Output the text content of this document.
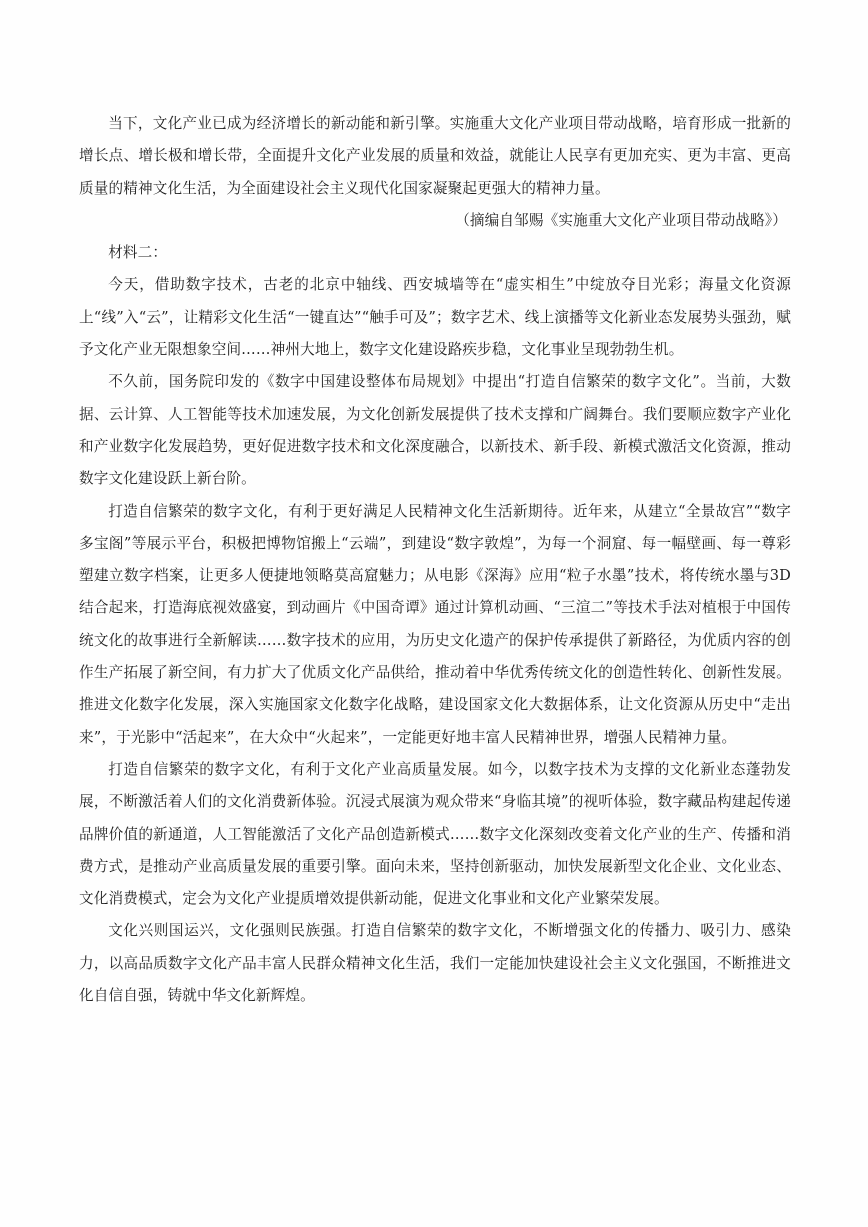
当下，文化产业已成为经济增长的新动能和新引擎。实施重大文化产业项目带动战略，培育形成一批新的增长点、增长极和增长带，全面提升文化产业发展的质量和效益，就能让人民享有更加充实、更为丰富、更高质量的精神文化生活，为全面建设社会主义现代化国家凝聚起更强大的精神力量。

（摘编自邹赐《实施重大文化产业项目带动战略》）

材料二：

今天，借助数字技术，古老的北京中轴线、西安城墙等在“虚实相生”中绽放夺目光彩；海量文化资源上“线”入“云”，让精彩文化生活“一键直达”“触手可及”；数字艺术、线上演播等文化新业态发展势头强劲，赋予文化产业无限想象空间……神州大地上，数字文化建设路疾步稳，文化事业呈现勃勃生机。

不久前，国务院印发的《数字中国建设整体布局规划》中提出“打造自信繁荣的数字文化”。当前，大数据、云计算、人工智能等技术加速发展，为文化创新发展提供了技术支撑和广阔舞台。我们要顺应数字产业化和产业数字化发展趋势，更好促进数字技术和文化深度融合，以新技术、新手段、新模式激活文化资源，推动数字文化建设跃上新台阶。

打造自信繁荣的数字文化，有利于更好满足人民精神文化生活新期待。近年来，从建立“全景故宫”“数字多宝阁”等展示平台，积极把博物馆搬上“云端”，到建设“数字敦煌”，为每一个洞窟、每一幅壁画、每一尊彩塑建立数字档案，让更多人便捷地领略莫高窟魅力；从电影《深海》应用“粒子水墨”技术，将传统水墨与3D结合起来，打造海底视效盛宴，到动画片《中国奇谭》通过计算机动画、“三渲二”等技术手法对植根于中国传统文化的故事进行全新解读……数字技术的应用，为历史文化遗产的保护传承提供了新路径，为优质内容的创作生产拓展了新空间，有力扩大了优质文化产品供给，推动着中华优秀传统文化的创造性转化、创新性发展。推进文化数字化发展，深入实施国家文化数字化战略，建设国家文化大数据体系，让文化资源从历史中“走出来”，于光影中“活起来”，在大众中“火起来”，一定能更好地丰富人民精神世界，增强人民精神力量。

打造自信繁荣的数字文化，有利于文化产业高质量发展。如今，以数字技术为支撑的文化新业态蓬勃发展，不断激活着人们的文化消费新体验。沉浸式展演为观众带来“身临其境”的视听体验，数字藏品构建起传递品牌价值的新通道，人工智能激活了文化产品创造新模式……数字文化深刻改变着文化产业的生产、传播和消费方式，是推动产业高质量发展的重要引擎。面向未来，坚持创新驱动，加快发展新型文化企业、文化业态、文化消费模式，定会为文化产业提质增效提供新动能，促进文化事业和文化产业繁荣发展。

文化兴则国运兴，文化强则民族强。打造自信繁荣的数字文化，不断增强文化的传播力、吸引力、感染力，以高品质数字文化产品丰富人民群众精神文化生活，我们一定能加快建设社会主义文化强国，不断推进文化自信自强，铸就中华文化新辉煌。
